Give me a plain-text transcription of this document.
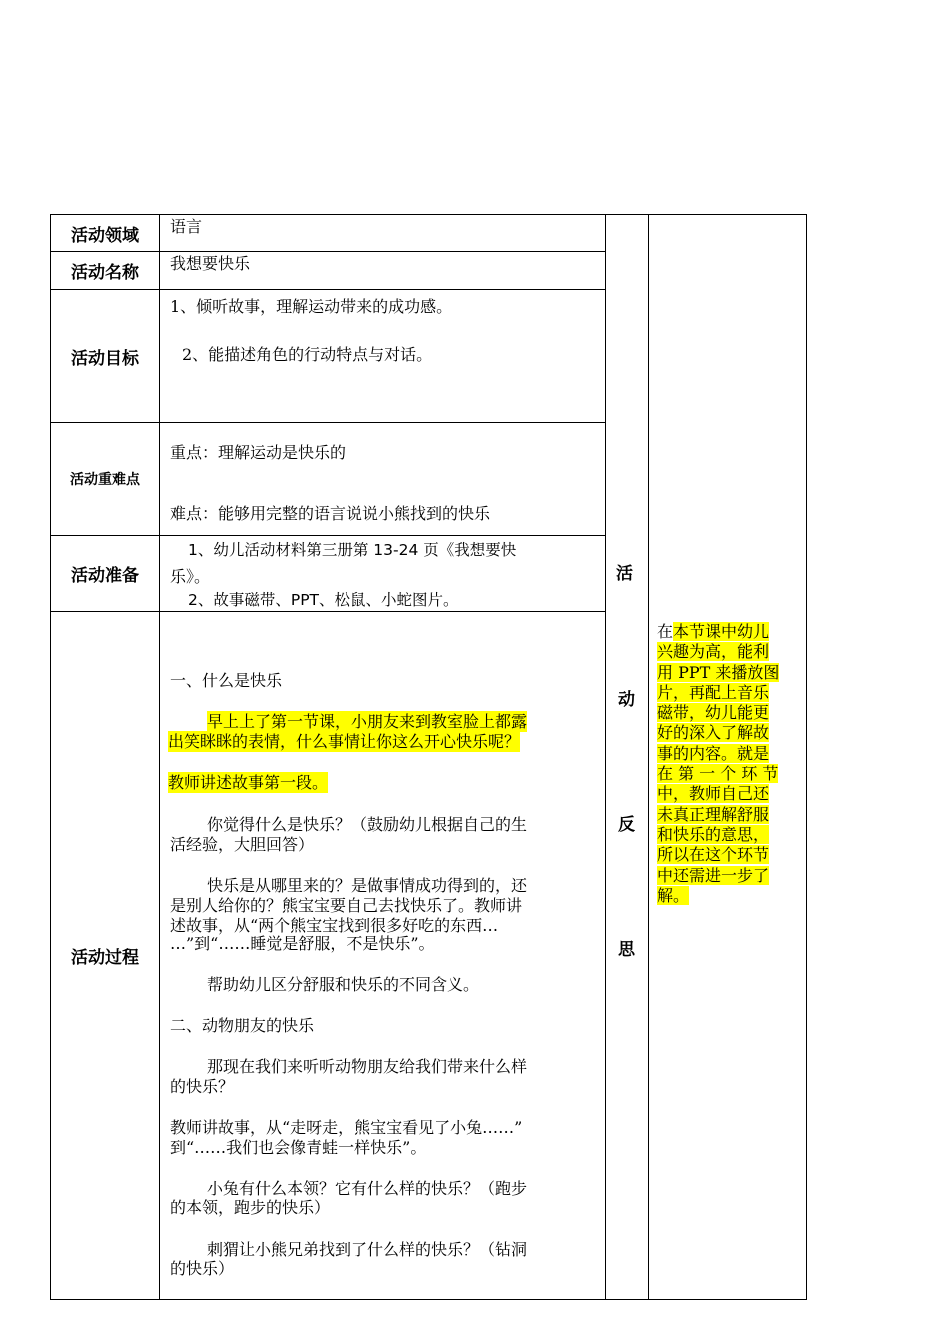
活动领域
活动名称
活动目标
活动重难点
活动准备
活动过程
语言
我想要快乐
1、倾听故事，理解运动带来的成功感。
2、能描述角色的行动特点与对话。
重点：理解运动是快乐的
难点：能够用完整的语言说说小熊找到的快乐
1、幼儿活动材料第三册第 13-24 页《我想要快
乐》。
2、故事磁带、PPT、松鼠、小蛇图片。
一、什么是快乐
早上上了第一节课，小朋友来到教室脸上都露
出笑眯眯的表情，什么事情让你这么开心快乐呢？
教师讲述故事第一段。
你觉得什么是快乐？（鼓励幼儿根据自己的生
活经验，大胆回答）
快乐是从哪里来的？是做事情成功得到的，还
是别人给你的？熊宝宝要自己去找快乐了。教师讲
述故事，从“两个熊宝宝找到很多好吃的东西…
…”到“……睡觉是舒服，不是快乐”。
帮助幼儿区分舒服和快乐的不同含义。
二、动物朋友的快乐
那现在我们来听听动物朋友给我们带来什么样
的快乐？
教师讲故事，从“走呀走，熊宝宝看见了小兔……”
到“……我们也会像青蛙一样快乐”。
小兔有什么本领？它有什么样的快乐？（跑步
的本领，跑步的快乐）
刺猬让小熊兄弟找到了什么样的快乐？（钻洞
的快乐）
活
动
反
思
在本节课中幼儿
兴趣为高，能利
用 PPT 来播放图
片，再配上音乐
磁带，幼儿能更
好的深入了解故
事的内容。就是
在 第 一 个 环 节
中，教师自己还
未真正理解舒服
和快乐的意思，
所以在这个环节
中还需进一步了
解。
